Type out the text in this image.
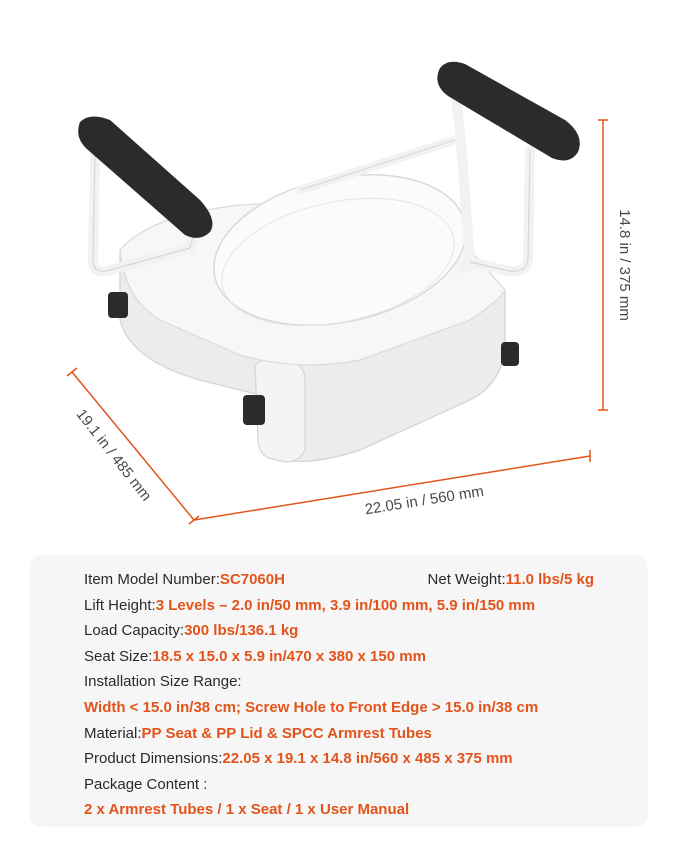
14.8 in / 375 mm
19.1 in / 485 mm	22.05 in / 560 mm
Item Model Number: SC7060H	Net Weight: 11.0 lbs/5 kg
Lift Height: 3 Levels – 2.0 in/50 mm, 3.9 in/100 mm, 5.9 in/150 mm
Load Capacity: 300 lbs/136.1 kg
Seat Size: 18.5 x 15.0 x 5.9 in/470 x 380 x 150 mm
Installation Size Range:
Width < 15.0 in/38 cm; Screw Hole to Front Edge > 15.0 in/38 cm
Material: PP Seat & PP Lid & SPCC Armrest Tubes
Product Dimensions: 22.05 x 19.1 x 14.8 in/560 x 485 x 375 mm
Package Content :
2 x Armrest Tubes / 1 x Seat / 1 x User Manual
